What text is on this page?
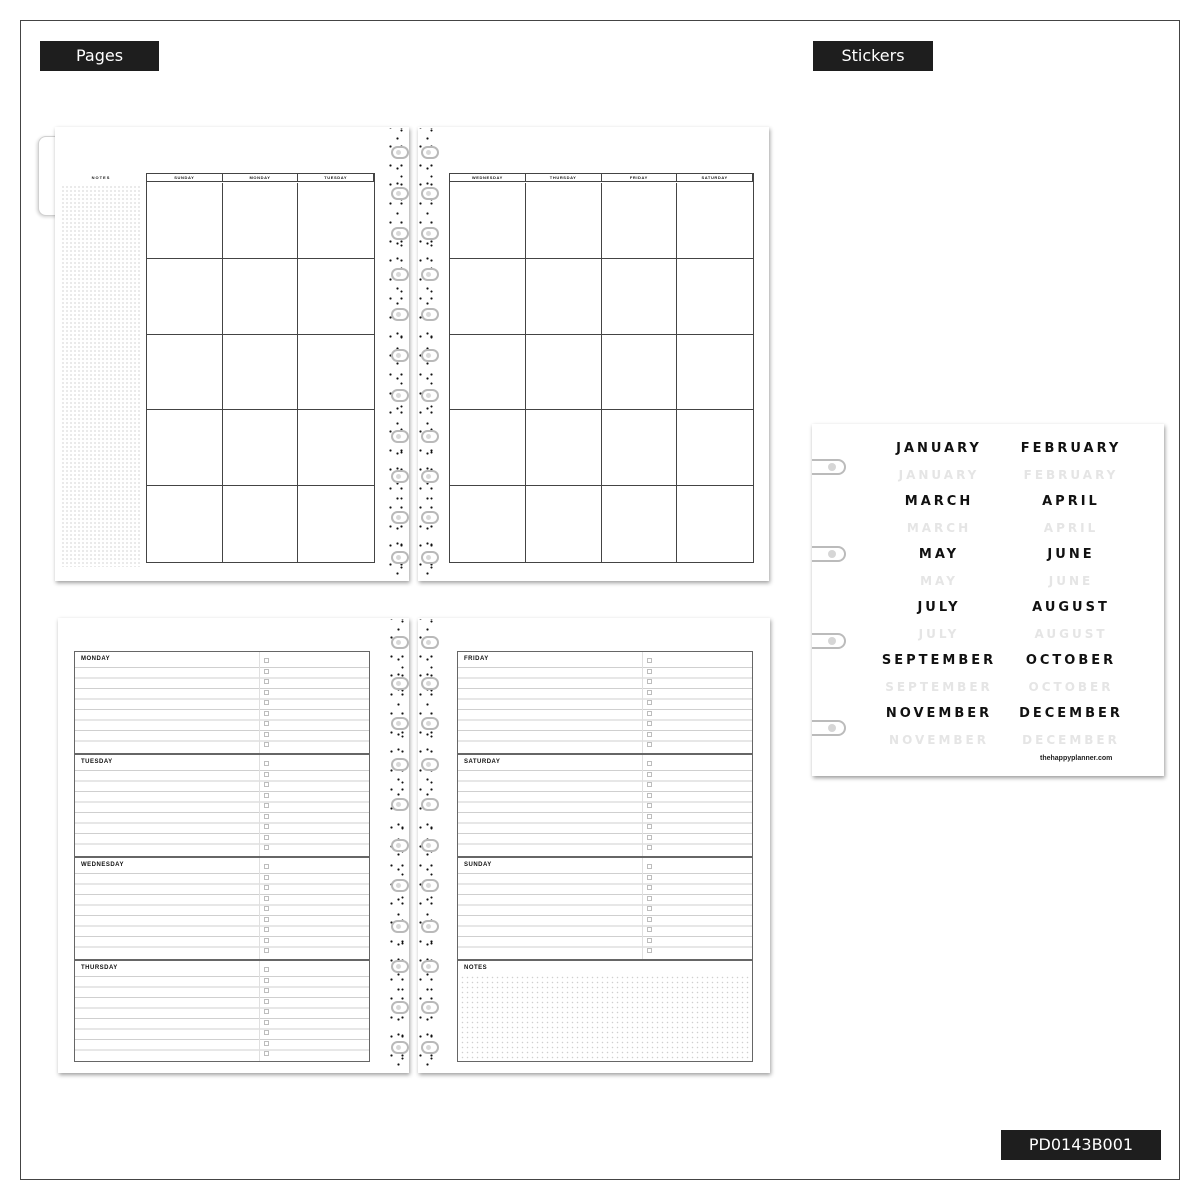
Pages	Stickers
NOTES	SUNDAY	MONDAY	TUESDAY	WEDNESDAY	THURSDAY	FRIDAY	SATURDAY
MONDAY
TUESDAY
WEDNESDAY
THURSDAY
FRIDAY
SATURDAY
SUNDAY
NOTES
JANUARY	FEBRUARY
JANUARY	FEBRUARY
MARCH	APRIL
MARCH	APRIL
MAY	JUNE
MAY	JUNE
JULY	AUGUST
JULY	AUGUST
SEPTEMBER	OCTOBER
SEPTEMBER	OCTOBER
NOVEMBER	DECEMBER
NOVEMBER	DECEMBER
thehappyplanner.com
PD0143B001
